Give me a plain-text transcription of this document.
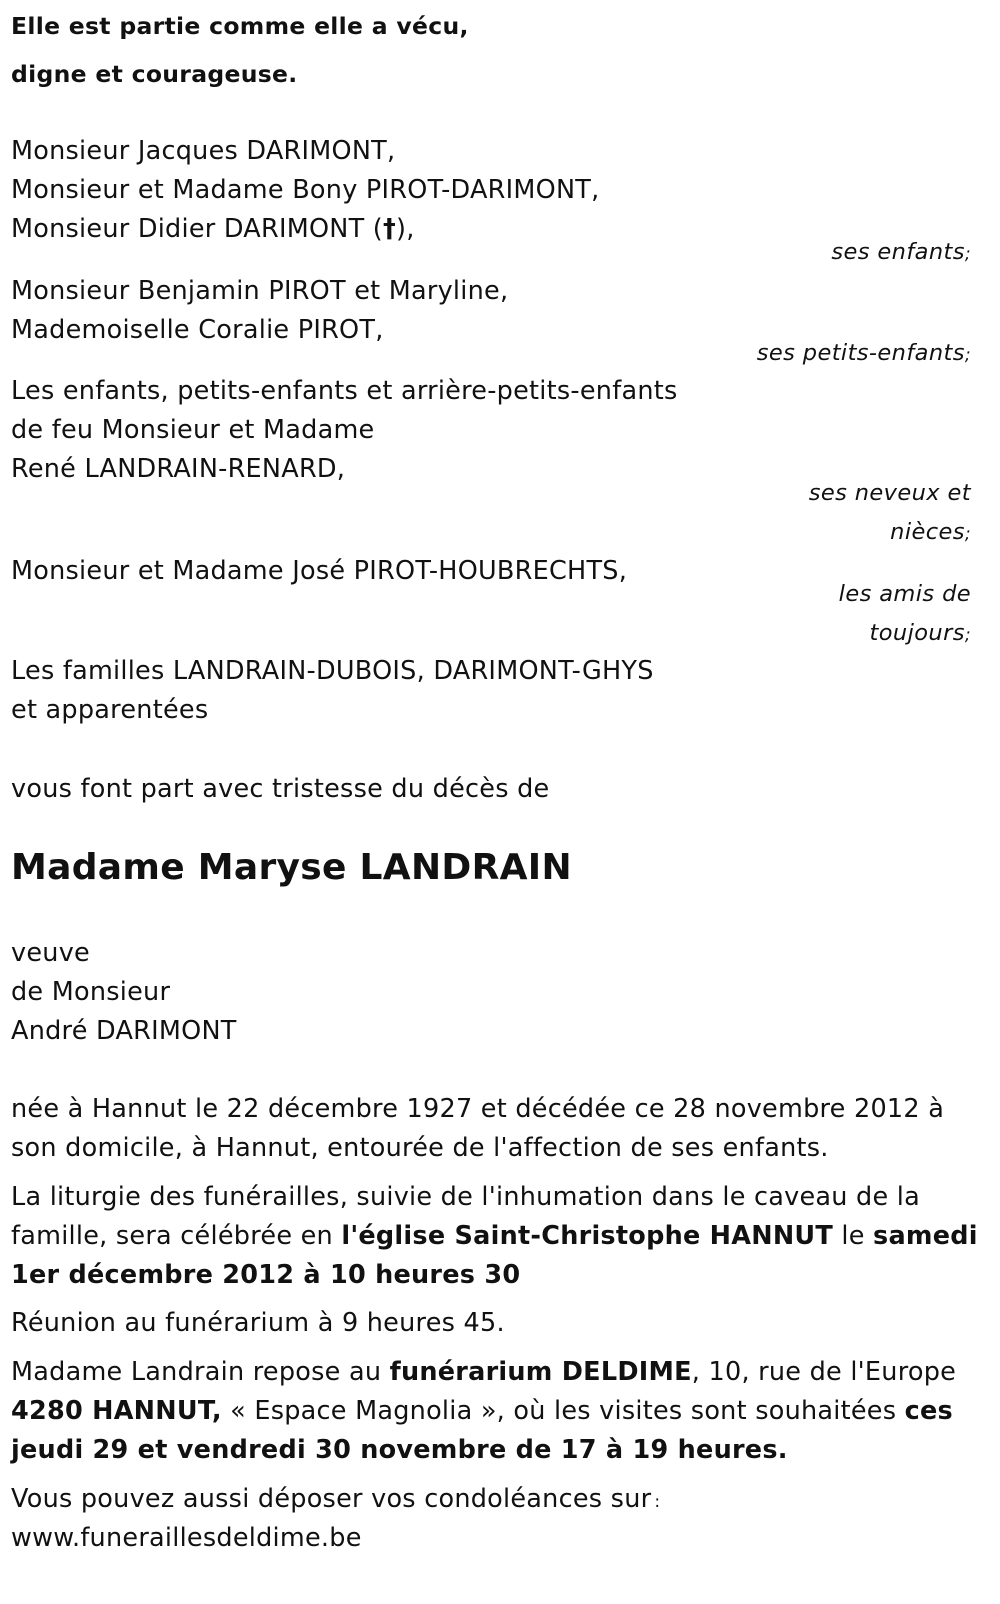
Elle est partie comme elle a vécu,

digne et courageuse.

Monsieur Jacques DARIMONT,

Monsieur et Madame Bony PIROT-DARIMONT,

Monsieur Didier DARIMONT (†),

ses enfants;

Monsieur Benjamin PIROT et Maryline,

Mademoiselle Coralie PIROT,

ses petits-enfants;

Les enfants, petits-enfants et arrière-petits-enfants

de feu Monsieur et Madame

René LANDRAIN-RENARD,

ses neveux et

nièces;

Monsieur et Madame José PIROT-HOUBRECHTS,

les amis de

toujours;

Les familles LANDRAIN-DUBOIS, DARIMONT-GHYS

et apparentées

vous font part avec tristesse du décès de

Madame Maryse LANDRAIN

veuve

de Monsieur

André DARIMONT

née à Hannut le 22 décembre 1927 et décédée ce 28 novembre 2012 à

son domicile, à Hannut, entourée de l'affection de ses enfants.

La liturgie des funérailles, suivie de l'inhumation dans le caveau de la

famille, sera célébrée en l'église Saint-Christophe HANNUT le samedi

1er décembre 2012 à 10 heures 30

Réunion au funérarium à 9 heures 45.

Madame Landrain repose au funérarium DELDIME, 10, rue de l'Europe

4280 HANNUT, « Espace Magnolia », où les visites sont souhaitées ces

jeudi 29 et vendredi 30 novembre de 17 à 19 heures.

Vous pouvez aussi déposer vos condoléances sur :

www.funeraillesdeldime.be
